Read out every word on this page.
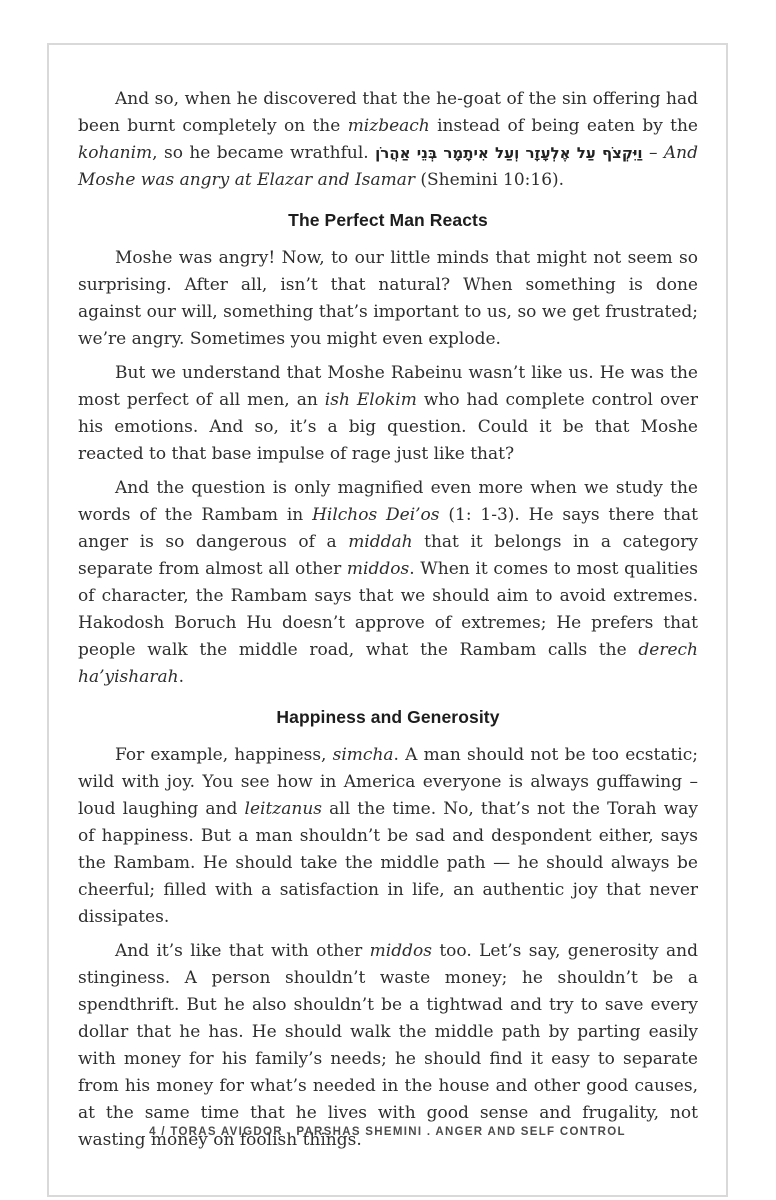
And so, when he discovered that the he-goat of the sin offering had been burnt completely on the mizbeach instead of being eaten by the kohanim, so he became wrathful. וַיִּקְצֹף עַל אֶלְעָזָר וְעַל אִיתָמָר בְּנֵי אַהֲרֹן – And Moshe was angry at Elazar and Isamar (Shemini 10:16).

The Perfect Man Reacts

Moshe was angry! Now, to our little minds that might not seem so surprising. After all, isn’t that natural? When something is done against our will, something that’s important to us, so we get frustrated; we’re angry. Sometimes you might even explode.

But we understand that Moshe Rabeinu wasn’t like us. He was the most perfect of all men, an ish Elokim who had complete control over his emotions. And so, it’s a big question. Could it be that Moshe reacted to that base impulse of rage just like that?

And the question is only magnified even more when we study the words of the Rambam in Hilchos Dei’os (1: 1-3). He says there that anger is so dangerous of a middah that it belongs in a category separate from almost all other middos. When it comes to most qualities of character, the Rambam says that we should aim to avoid extremes. Hakodosh Boruch Hu doesn’t approve of extremes; He prefers that people walk the middle road, what the Rambam calls the derech ha’yisharah.

Happiness and Generosity

For example, happiness, simcha. A man should not be too ecstatic; wild with joy. You see how in America everyone is always guffawing – loud laughing and leitzanus all the time. No, that’s not the Torah way of happiness. But a man shouldn’t be sad and despondent either, says the Rambam. He should take the middle path — he should always be cheerful; filled with a satisfaction in life, an authentic joy that never dissipates.

And it’s like that with other middos too. Let’s say, generosity and stinginess. A person shouldn’t waste money; he shouldn’t be a spendthrift. But he also shouldn’t be a tightwad and try to save every dollar that he has. He should walk the middle path by parting easily with money for his family’s needs; he should find it easy to separate from his money for what’s needed in the house and other good causes, at the same time that he lives with good sense and frugality, not wasting money on foolish things.

4 / TORAS AVIGDOR . PARSHAS SHEMINI . ANGER AND SELF CONTROL
